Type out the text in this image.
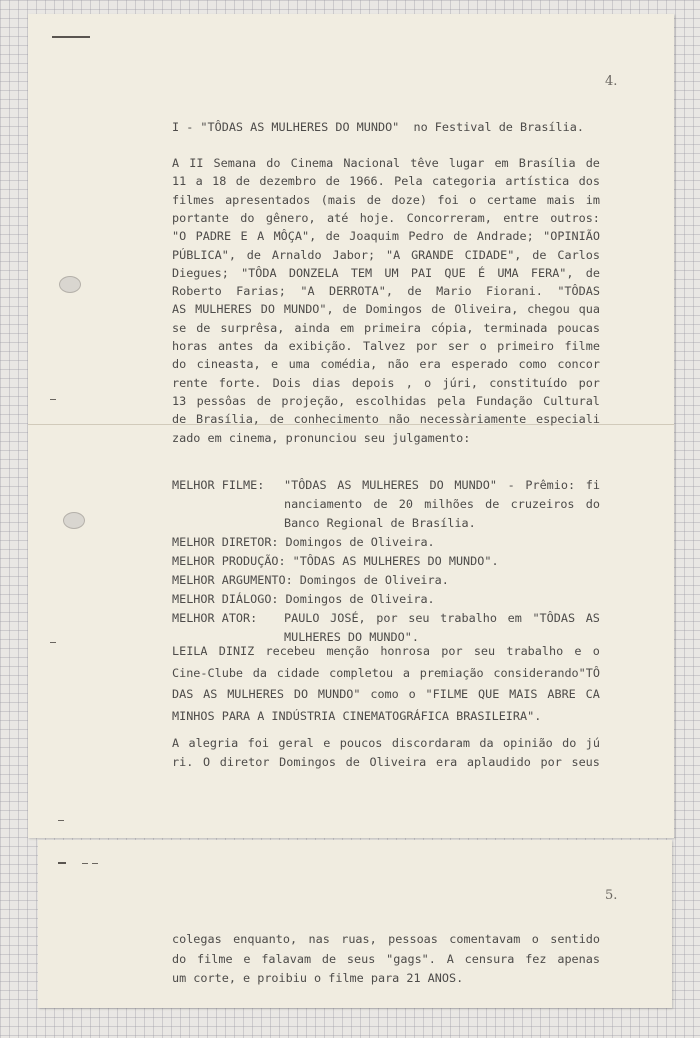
4.
I - "TÔDAS AS MULHERES DO MUNDO"  no Festival de Brasília.
A II Semana do Cinema Nacional têve lugar em Brasília de
11 a 18 de dezembro de 1966. Pela categoria artística dos
filmes apresentados (mais de doze) foi o certame mais im
portante do gênero, até hoje. Concorreram, entre outros:
"O PADRE E A MÔÇA", de Joaquim Pedro de Andrade; "OPINIÃO
PÚBLICA", de Arnaldo Jabor; "A GRANDE CIDADE", de Carlos
Diegues; "TÔDA DONZELA TEM UM PAI QUE É UMA FERA", de
Roberto Farias; "A DERROTA", de Mario Fiorani. "TÔDAS
AS MULHERES DO MUNDO", de Domingos de Oliveira, chegou qua
se de surprêsa, ainda em primeira cópia, terminada poucas
horas antes da exibição. Talvez por ser o primeiro filme
do cineasta, e uma comédia, não era esperado como concor
rente forte. Dois dias depois , o júri, constituído por
13 pessôas de projeção, escolhidas pela Fundação Cultural
de Brasília, de conhecimento não necessàriamente especiali
zado em cinema, pronunciou seu julgamento:
MELHOR FILME: "TÔDAS AS MULHERES DO MUNDO" - Prêmio: fi
nanciamento de 20 milhões de cruzeiros do
Banco Regional de Brasília.
MELHOR DIRETOR: Domingos de Oliveira.
MELHOR PRODUÇÃO: "TÔDAS AS MULHERES DO MUNDO".
MELHOR ARGUMENTO: Domingos de Oliveira.
MELHOR DIÁLOGO: Domingos de Oliveira.
MELHOR ATOR: PAULO JOSÉ, por seu trabalho em "TÔDAS AS
MULHERES DO MUNDO".
LEILA DINIZ recebeu menção honrosa por seu trabalho e o
Cine-Clube da cidade completou a premiação considerando"TÔ
DAS AS MULHERES DO MUNDO" como o "FILME QUE MAIS ABRE CA
MINHOS PARA A INDÚSTRIA CINEMATOGRÁFICA BRASILEIRA".
A alegria foi geral e poucos discordaram da opinião do jú
ri. O diretor Domingos de Oliveira era aplaudido por seus
5.
colegas enquanto, nas ruas, pessoas comentavam o sentido
do filme e falavam de seus "gags". A censura fez apenas
um corte, e proibiu o filme para 21 ANOS.
